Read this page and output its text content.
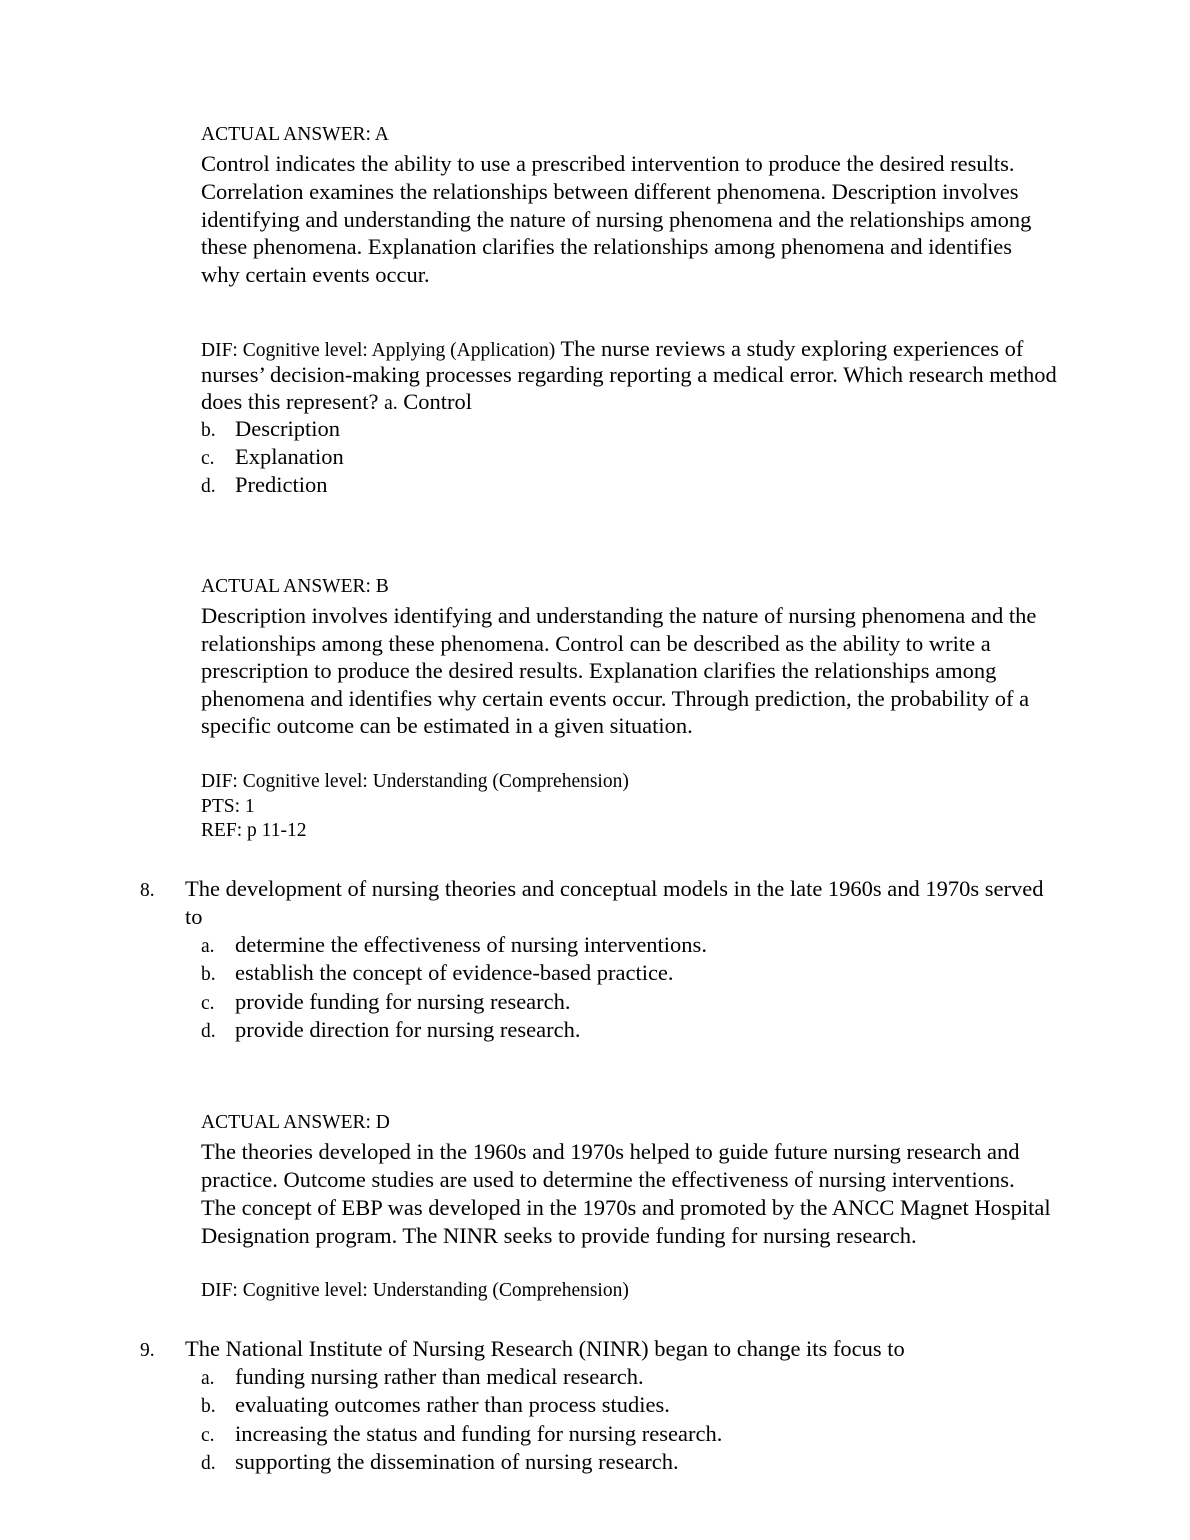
ACTUAL ANSWER: A
Control indicates the ability to use a prescribed intervention to produce the desired results.
Correlation examines the relationships between different phenomena. Description involves
identifying and understanding the nature of nursing phenomena and the relationships among
these phenomena. Explanation clarifies the relationships among phenomena and identifies
why certain events occur.
DIF: Cognitive level: Applying (Application) The nurse reviews a study exploring experiences of
nurses’ decision-making processes regarding reporting a medical error. Which research method
does this represent? a. Control
b. Description
c. Explanation
d. Prediction
ACTUAL ANSWER: B
Description involves identifying and understanding the nature of nursing phenomena and the
relationships among these phenomena. Control can be described as the ability to write a
prescription to produce the desired results. Explanation clarifies the relationships among
phenomena and identifies why certain events occur. Through prediction, the probability of a
specific outcome can be estimated in a given situation.
DIF: Cognitive level: Understanding (Comprehension)
PTS: 1
REF: p 11-12
8. The development of nursing theories and conceptual models in the late 1960s and 1970s served
to
a. determine the effectiveness of nursing interventions.
b. establish the concept of evidence-based practice.
c. provide funding for nursing research.
d. provide direction for nursing research.
ACTUAL ANSWER: D
The theories developed in the 1960s and 1970s helped to guide future nursing research and
practice. Outcome studies are used to determine the effectiveness of nursing interventions.
The concept of EBP was developed in the 1970s and promoted by the ANCC Magnet Hospital
Designation program. The NINR seeks to provide funding for nursing research.
DIF: Cognitive level: Understanding (Comprehension)
9. The National Institute of Nursing Research (NINR) began to change its focus to
a. funding nursing rather than medical research.
b. evaluating outcomes rather than process studies.
c. increasing the status and funding for nursing research.
d. supporting the dissemination of nursing research.
